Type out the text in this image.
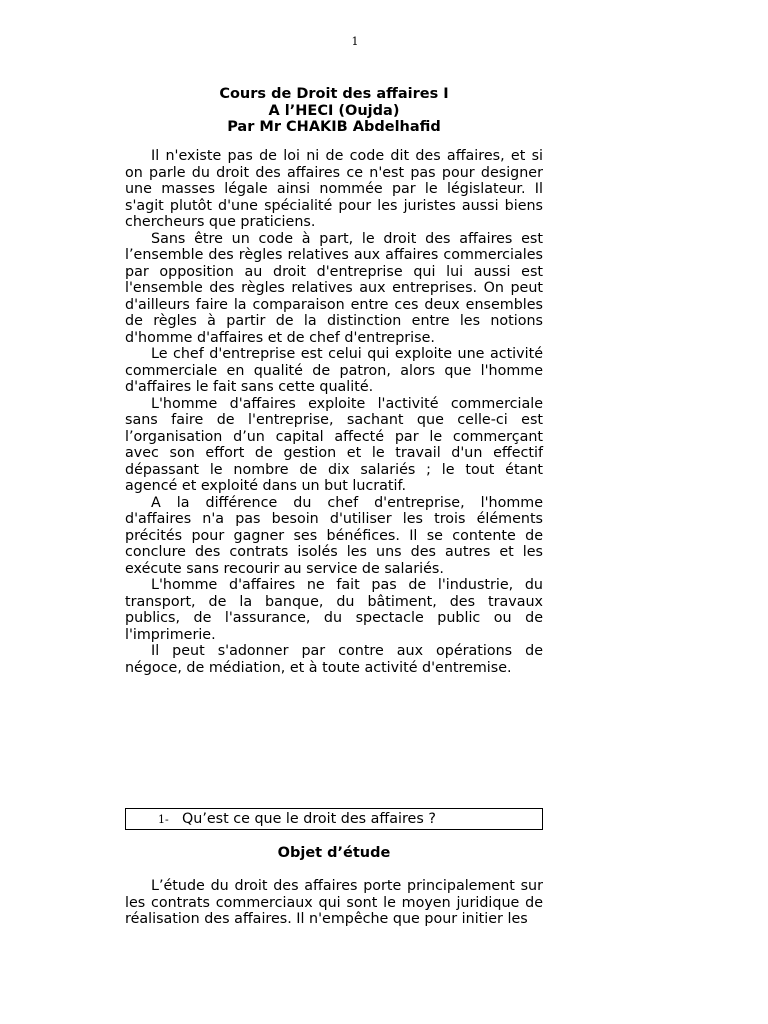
1
Cours de Droit des affaires I
A l’HECI (Oujda)
Par Mr CHAKIB Abdelhafid

Il n'existe pas de loi ni de code dit des affaires, et si on parle du droit des affaires ce n'est pas pour designer une masses légale ainsi nommée par le législateur. Il s'agit plutôt d'une spécialité pour les juristes aussi biens chercheurs que praticiens.

Sans être un code à part, le droit des affaires est l’ensemble des règles relatives aux affaires commerciales par opposition au droit d'entreprise qui lui aussi est l'ensemble des règles relatives aux entreprises. On peut d'ailleurs faire la comparaison entre ces deux ensembles de règles à partir de la distinction entre les notions d'homme d'affaires et de chef d'entreprise.

Le chef d'entreprise est celui qui exploite une activité commerciale en qualité de patron, alors que l'homme d'affaires le fait sans cette qualité.

L'homme d'affaires exploite l'activité commerciale sans faire de l'entreprise, sachant que celle-ci est l’organisation d’un capital affecté par le commerçant avec son effort de gestion et le travail d'un effectif dépassant le nombre de dix salariés ; le tout étant agencé et exploité dans un but lucratif.

A la différence du chef d'entreprise, l'homme d'affaires n'a pas besoin d'utiliser les trois éléments précités pour gagner ses bénéfices. Il se contente de conclure des contrats isolés les uns des autres et les exécute sans recourir au service de salariés.

L'homme d'affaires ne fait pas de l'industrie, du transport, de la banque, du bâtiment, des travaux publics, de l'assurance, du spectacle public ou de l'imprimerie.

Il peut s'adonner par contre aux opérations de négoce, de médiation, et à toute activité d'entremise.

1- Qu’est ce que le droit des affaires ?
Objet d’étude

L’étude du droit des affaires porte principalement sur les contrats commerciaux qui sont le moyen juridique de réalisation des affaires. Il n'empêche que pour initier les
